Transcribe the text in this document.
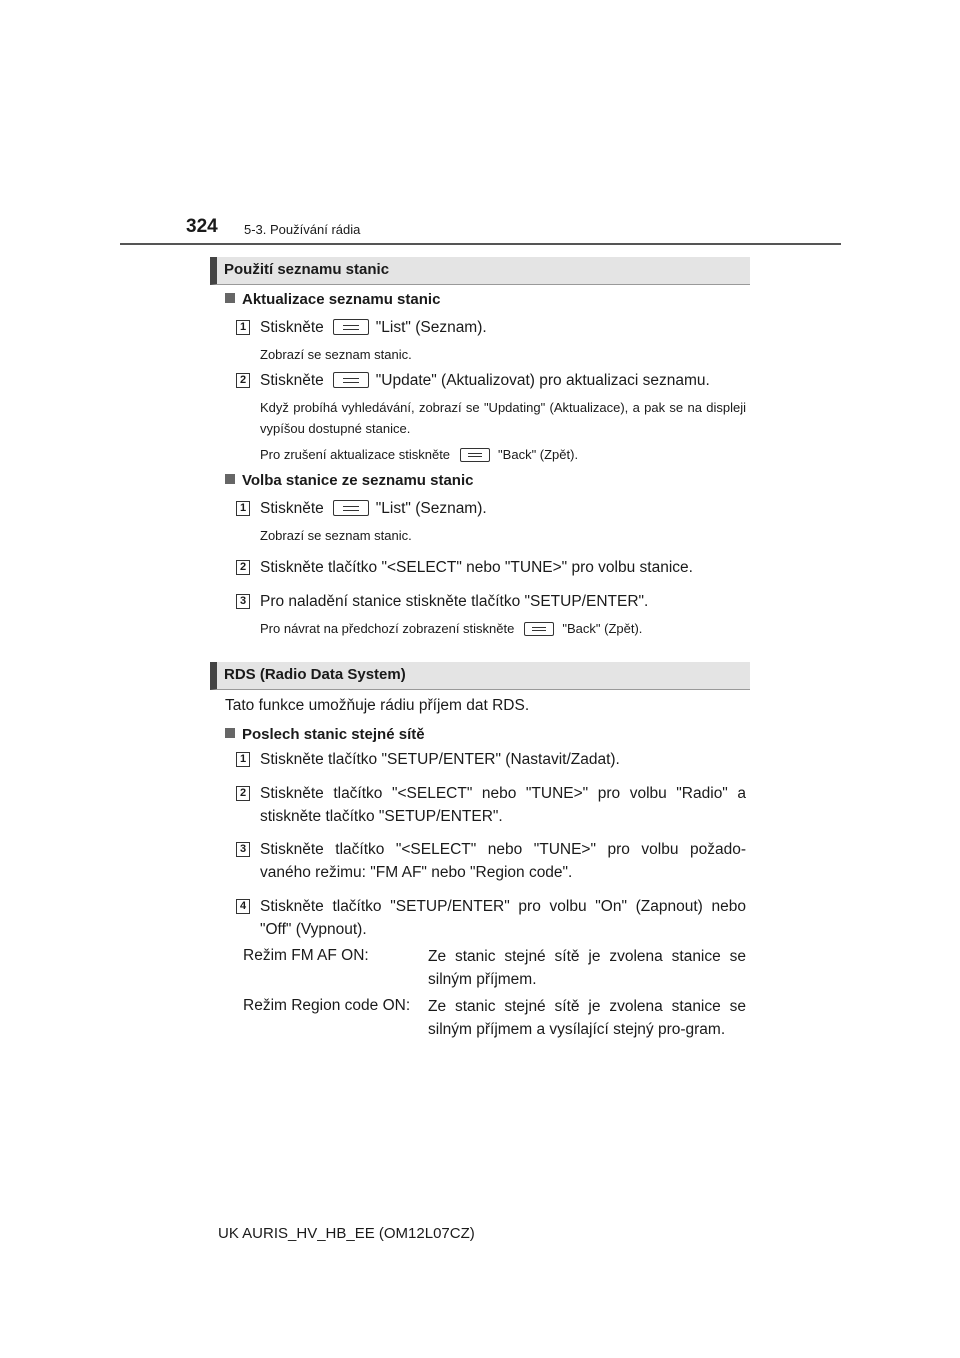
324 5-3. Používání rádia
Použití seznamu stanic
Aktualizace seznamu stanic
1 Stiskněte	"List" (Seznam).
Zobrazí se seznam stanic.
2 Stiskněte	"Update" (Aktualizovat) pro aktualizaci seznamu.
Když probíhá vyhledávání, zobrazí se "Updating" (Aktualizace), a pak se na displeji vypíšou dostupné stanice.
Pro zrušení aktualizace stiskněte	"Back" (Zpět).
Volba stanice ze seznamu stanic
1 Stiskněte	"List" (Seznam).
Zobrazí se seznam stanic.
2 Stiskněte tlačítko "<SELECT" nebo "TUNE>" pro volbu stanice.
3 Pro naladění stanice stiskněte tlačítko "SETUP/ENTER".
Pro návrat na předchozí zobrazení stiskněte	"Back" (Zpět).
RDS (Radio Data System)
Tato funkce umožňuje rádiu příjem dat RDS.
Poslech stanic stejné sítě
1 Stiskněte tlačítko "SETUP/ENTER" (Nastavit/Zadat).
2 Stiskněte tlačítko "<SELECT" nebo "TUNE>" pro volbu "Radio" a stiskněte tlačítko "SETUP/ENTER".
3 Stiskněte tlačítko "<SELECT" nebo "TUNE>" pro volbu požado-vaného režimu: "FM AF" nebo "Region code".
4 Stiskněte tlačítko "SETUP/ENTER" pro volbu "On" (Zapnout) nebo "Off" (Vypnout).
Režim FM AF ON:	Ze stanic stejné sítě je zvolena stanice se silným příjmem.
Režim Region code ON: Ze stanic stejné sítě je zvolena stanice se silným příjmem a vysílající stejný pro-gram.
UK AURIS_HV_HB_EE (OM12L07CZ)
